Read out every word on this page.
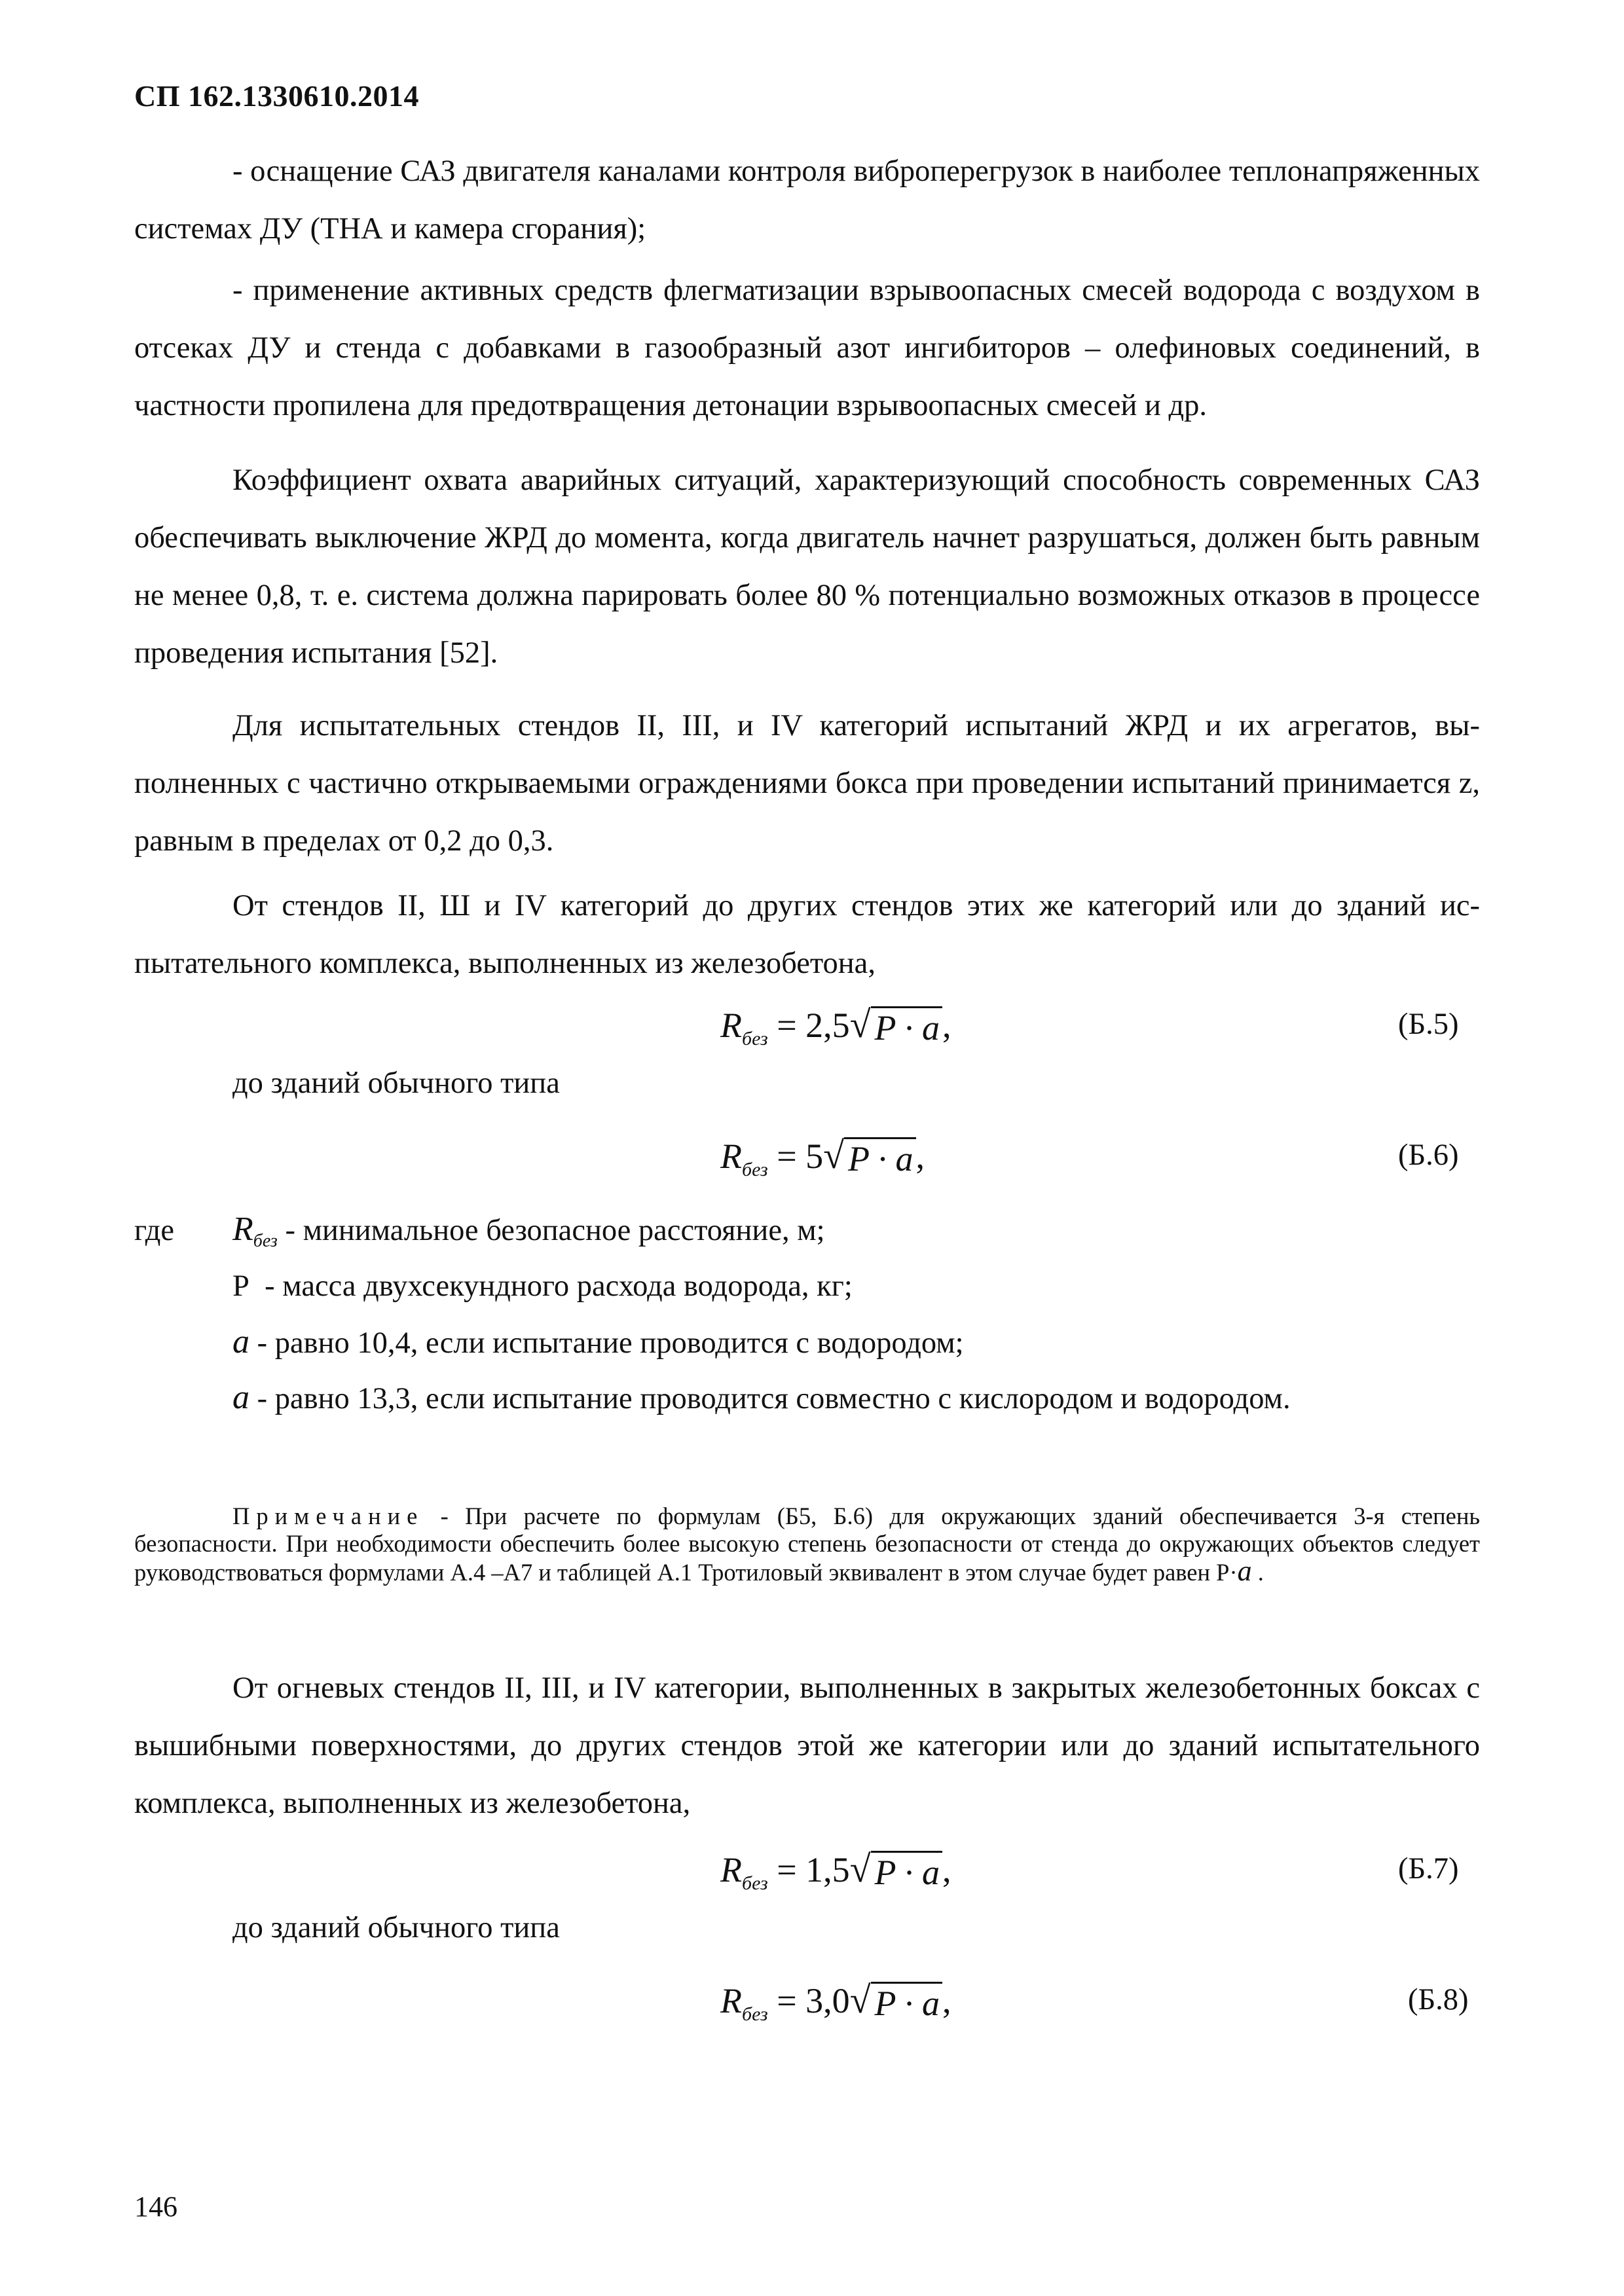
СП 162.1330610.2014

- оснащение САЗ двигателя каналами контроля виброперегрузок в наиболее теплонапряженных системах ДУ (ТНА и камера сгорания);

- применение активных средств флегматизации взрывоопасных смесей водорода с воздухом в отсеках ДУ и стенда с добавками в газообразный азот ингибиторов – олефиновых соединений, в частности пропилена для предотвращения детонации взрывоопасных смесей и др.

Коэффициент охвата аварийных ситуаций, характеризующий способность современных САЗ обеспечивать выключение ЖРД до момента, когда двигатель начнет разрушаться, должен быть равным не менее 0,8, т. е. система должна парировать более 80 % потенциально возможных отказов в процессе проведения испытания [52].

Для испытательных стендов II, III, и IV категорий испытаний ЖРД и их агрегатов, выполненных с частично открываемыми ограждениями бокса при проведении испытаний принимается z, равным в пределах от 0,2 до 0,3.

От стендов II, Ш и IV категорий до других стендов этих же категорий или до зданий испытательного комплекса, выполненных из железобетона,

$R_{без} = 2,5√$ P · a,	(Б.5)

до зданий обычного типа

$R_{без} = 5√$ P · a,	(Б.6)
где $R_{без}$ - минимальное безопасное расстояние, м;
Р  - масса двухсекундного расхода водорода, кг;
a - равно 10,4, если испытание проводится с водородом;
a - равно 13,3, если испытание проводится совместно с кислородом и водородом.

Примечание - При расчете по формулам (Б5, Б.6) для окружающих зданий обеспечивается 3-я степень безопасности. При необходимости обеспечить более высокую степень безопасности от стенда до окружающих объектов следует руководствоваться формулами А.4 –А7 и таблицей А.1 Тротиловый эквивалент в этом случае будет равен Р·a .

От огневых стендов II, III, и IV категории, выполненных в закрытых железобетонных боксах с вышибными поверхностями, до других стендов этой же категории или до зданий испытательного комплекса, выполненных из железобетона,

$R_{без} = 1,5√$ P · a,	(Б.7)

до зданий обычного типа

$R_{без} = 3,0√$ P · a,	(Б.8)
146
